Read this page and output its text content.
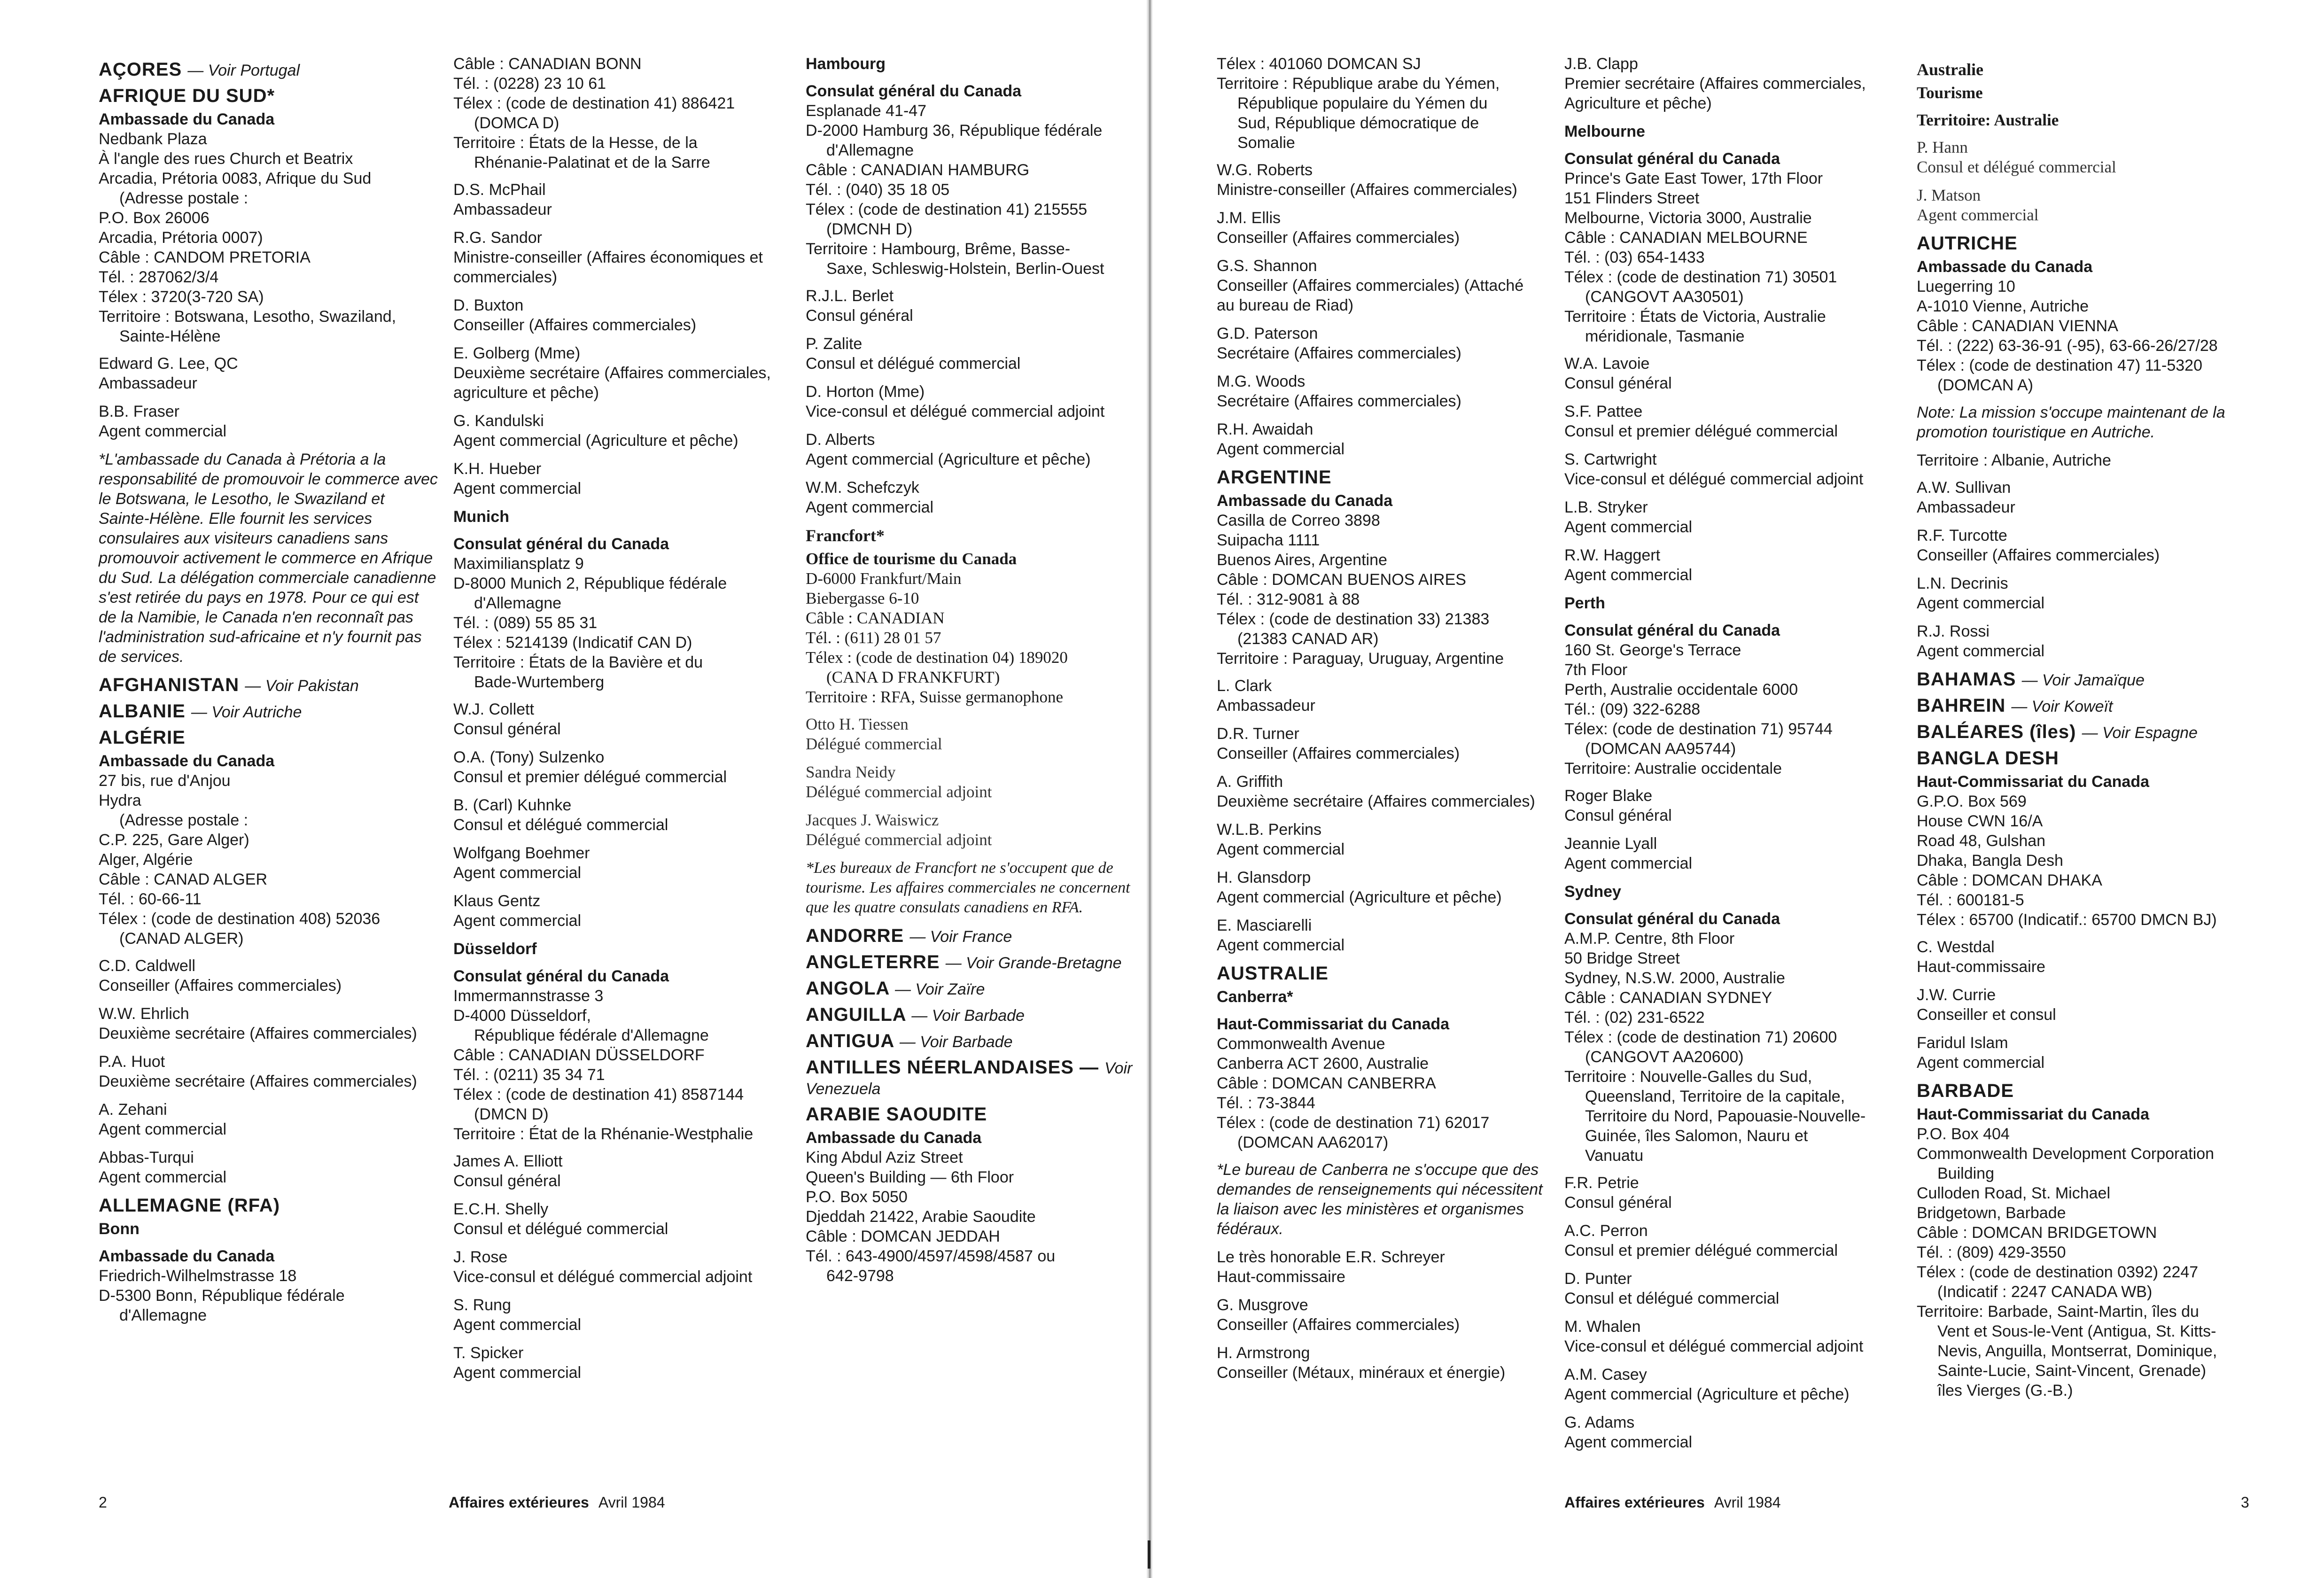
AÇORES — Voir Portugal
AFRIQUE DU SUD*
Ambassade du Canada
Nedbank Plaza
À l'angle des rues Church et Beatrix
Arcadia, Prétoria 0083, Afrique du Sud
(Adresse postale :
P.O. Box 26006
Arcadia, Prétoria 0007)
Câble : CANDOM PRETORIA
Tél. : 287062/3/4
Télex : 3720(3-720 SA)
Territoire : Botswana, Lesotho, Swaziland,
Sainte-Hélène
Edward G. Lee, QC
Ambassadeur
B.B. Fraser
Agent commercial
*L'ambassade du Canada à Prétoria a la responsabilité de promouvoir le commerce avec le Botswana, le Lesotho, le Swaziland et Sainte-Hélène. Elle fournit les services consulaires aux visiteurs canadiens sans promouvoir activement le commerce en Afrique du Sud. La délégation commerciale canadienne s'est retirée du pays en 1978. Pour ce qui est de la Namibie, le Canada n'en reconnaît pas l'administration sud-africaine et n'y fournit pas de services.
AFGHANISTAN — Voir Pakistan
ALBANIE — Voir Autriche
ALGÉRIE
Ambassade du Canada
27 bis, rue d'Anjou
Hydra
(Adresse postale :
C.P. 225, Gare Alger)
Alger, Algérie
Câble : CANAD ALGER
Tél. : 60-66-11
Télex : (code de destination 408) 52036
(CANAD ALGER)
C.D. Caldwell
Conseiller (Affaires commerciales)
W.W. Ehrlich
Deuxième secrétaire (Affaires commerciales)
P.A. Huot
Deuxième secrétaire (Affaires commerciales)
A. Zehani
Agent commercial
Abbas-Turqui
Agent commercial
ALLEMAGNE (RFA)
Bonn
Ambassade du Canada
Friedrich-Wilhelmstrasse 18
D-5300 Bonn, République fédérale
d'Allemagne
Câble : CANADIAN BONN
Tél. : (0228) 23 10 61
Télex : (code de destination 41) 886421
(DOMCA D)
Territoire : États de la Hesse, de la
Rhénanie-Palatinat et de la Sarre
D.S. McPhail
Ambassadeur
R.G. Sandor
Ministre-conseiller (Affaires économiques et commerciales)
D. Buxton
Conseiller (Affaires commerciales)
E. Golberg (Mme)
Deuxième secrétaire (Affaires commerciales, agriculture et pêche)
G. Kandulski
Agent commercial (Agriculture et pêche)
K.H. Hueber
Agent commercial
Munich
Consulat général du Canada
Maximiliansplatz 9
D-8000 Munich 2, République fédérale
d'Allemagne
Tél. : (089) 55 85 31
Télex : 5214139 (Indicatif CAN D)
Territoire : États de la Bavière et du
Bade-Wurtemberg
W.J. Collett
Consul général
O.A. (Tony) Sulzenko
Consul et premier délégué commercial
B. (Carl) Kuhnke
Consul et délégué commercial
Wolfgang Boehmer
Agent commercial
Klaus Gentz
Agent commercial
Düsseldorf
Consulat général du Canada
Immermannstrasse 3
D-4000 Düsseldorf,
République fédérale d'Allemagne
Câble : CANADIAN DÜSSELDORF
Tél. : (0211) 35 34 71
Télex : (code de destination 41) 8587144
(DMCN D)
Territoire : État de la Rhénanie-Westphalie
James A. Elliott
Consul général
E.C.H. Shelly
Consul et délégué commercial
J. Rose
Vice-consul et délégué commercial adjoint
S. Rung
Agent commercial
T. Spicker
Agent commercial
Hambourg
Consulat général du Canada
Esplanade 41-47
D-2000 Hamburg 36, République fédérale
d'Allemagne
Câble : CANADIAN HAMBURG
Tél. : (040) 35 18 05
Télex : (code de destination 41) 215555
(DMCNH D)
Territoire : Hambourg, Brême, Basse-
Saxe, Schleswig-Holstein, Berlin-Ouest
R.J.L. Berlet
Consul général
P. Zalite
Consul et délégué commercial
D. Horton (Mme)
Vice-consul et délégué commercial adjoint
D. Alberts
Agent commercial (Agriculture et pêche)
W.M. Schefczyk
Agent commercial
Francfort*
Office de tourisme du Canada
D-6000 Frankfurt/Main
Biebergasse 6-10
Câble : CANADIAN
Tél. : (611) 28 01 57
Télex : (code de destination 04) 189020
(CANA D FRANKFURT)
Territoire : RFA, Suisse germanophone
Otto H. Tiessen
Délégué commercial
Sandra Neidy
Délégué commercial adjoint
Jacques J. Waiswicz
Délégué commercial adjoint
*Les bureaux de Francfort ne s'occupent que de tourisme. Les affaires commerciales ne concernent que les quatre consulats canadiens en RFA.
ANDORRE — Voir France
ANGLETERRE — Voir Grande-Bretagne
ANGOLA — Voir Zaïre
ANGUILLA — Voir Barbade
ANTIGUA — Voir Barbade
ANTILLES NÉERLANDAISES — Voir Venezuela
ARABIE SAOUDITE
Ambassade du Canada
King Abdul Aziz Street
Queen's Building — 6th Floor
P.O. Box 5050
Djeddah 21422, Arabie Saoudite
Câble : DOMCAN JEDDAH
Tél. : 643-4900/4597/4598/4587 ou
642-9798
Télex : 401060 DOMCAN SJ
Territoire : République arabe du Yémen,
République populaire du Yémen du
Sud, République démocratique de
Somalie
W.G. Roberts
Ministre-conseiller (Affaires commerciales)
J.M. Ellis
Conseiller (Affaires commerciales)
G.S. Shannon
Conseiller (Affaires commerciales) (Attaché au bureau de Riad)
G.D. Paterson
Secrétaire (Affaires commerciales)
M.G. Woods
Secrétaire (Affaires commerciales)
R.H. Awaidah
Agent commercial
ARGENTINE
Ambassade du Canada
Casilla de Correo 3898
Suipacha 1111
Buenos Aires, Argentine
Câble : DOMCAN BUENOS AIRES
Tél. : 312-9081 à 88
Télex : (code de destination 33) 21383
(21383 CANAD AR)
Territoire : Paraguay, Uruguay, Argentine
L. Clark
Ambassadeur
D.R. Turner
Conseiller (Affaires commerciales)
A. Griffith
Deuxième secrétaire (Affaires commerciales)
W.L.B. Perkins
Agent commercial
H. Glansdorp
Agent commercial (Agriculture et pêche)
E. Masciarelli
Agent commercial
AUSTRALIE
Canberra*
Haut-Commissariat du Canada
Commonwealth Avenue
Canberra ACT 2600, Australie
Câble : DOMCAN CANBERRA
Tél. : 73-3844
Télex : (code de destination 71) 62017
(DOMCAN AA62017)
*Le bureau de Canberra ne s'occupe que des demandes de renseignements qui nécessitent la liaison avec les ministères et organismes fédéraux.
Le très honorable E.R. Schreyer
Haut-commissaire
G. Musgrove
Conseiller (Affaires commerciales)
H. Armstrong
Conseiller (Métaux, minéraux et énergie)
J.B. Clapp
Premier secrétaire (Affaires commerciales, Agriculture et pêche)
Melbourne
Consulat général du Canada
Prince's Gate East Tower, 17th Floor
151 Flinders Street
Melbourne, Victoria 3000, Australie
Câble : CANADIAN MELBOURNE
Tél. : (03) 654-1433
Télex : (code de destination 71) 30501
(CANGOVT AA30501)
Territoire : États de Victoria, Australie
méridionale, Tasmanie
W.A. Lavoie
Consul général
S.F. Pattee
Consul et premier délégué commercial
S. Cartwright
Vice-consul et délégué commercial adjoint
L.B. Stryker
Agent commercial
R.W. Haggert
Agent commercial
Perth
Consulat général du Canada
160 St. George's Terrace
7th Floor
Perth, Australie occidentale 6000
Tél.: (09) 322-6288
Télex: (code de destination 71) 95744
(DOMCAN AA95744)
Territoire: Australie occidentale
Roger Blake
Consul général
Jeannie Lyall
Agent commercial
Sydney
Consulat général du Canada
A.M.P. Centre, 8th Floor
50 Bridge Street
Sydney, N.S.W. 2000, Australie
Câble : CANADIAN SYDNEY
Tél. : (02) 231-6522
Télex : (code de destination 71) 20600
(CANGOVT AA20600)
Territoire : Nouvelle-Galles du Sud,
Queensland, Territoire de la capitale,
Territoire du Nord, Papouasie-Nouvelle-
Guinée, îles Salomon, Nauru et
Vanuatu
F.R. Petrie
Consul général
A.C. Perron
Consul et premier délégué commercial
D. Punter
Consul et délégué commercial
M. Whalen
Vice-consul et délégué commercial adjoint
A.M. Casey
Agent commercial (Agriculture et pêche)
G. Adams
Agent commercial
Australie
Tourisme
Territoire: Australie
P. Hann
Consul et délégué commercial
J. Matson
Agent commercial
AUTRICHE
Ambassade du Canada
Luegerring 10
A-1010 Vienne, Autriche
Câble : CANADIAN VIENNA
Tél. : (222) 63-36-91 (-95), 63-66-26/27/28
Télex : (code de destination 47) 11-5320
(DOMCAN A)
Note: La mission s'occupe maintenant de la promotion touristique en Autriche.
Territoire : Albanie, Autriche
A.W. Sullivan
Ambassadeur
R.F. Turcotte
Conseiller (Affaires commerciales)
L.N. Decrinis
Agent commercial
R.J. Rossi
Agent commercial
BAHAMAS — Voir Jamaïque
BAHREIN — Voir Koweït
BALÉARES (îles) — Voir Espagne
BANGLA DESH
Haut-Commissariat du Canada
G.P.O. Box 569
House CWN 16/A
Road 48, Gulshan
Dhaka, Bangla Desh
Câble : DOMCAN DHAKA
Tél. : 600181-5
Télex : 65700 (Indicatif.: 65700 DMCN BJ)
C. Westdal
Haut-commissaire
J.W. Currie
Conseiller et consul
Faridul Islam
Agent commercial
BARBADE
Haut-Commissariat du Canada
P.O. Box 404
Commonwealth Development Corporation
Building
Culloden Road, St. Michael
Bridgetown, Barbade
Câble : DOMCAN BRIDGETOWN
Tél. : (809) 429-3550
Télex : (code de destination 0392) 2247
(Indicatif : 2247 CANADA WB)
Territoire: Barbade, Saint-Martin, îles du
Vent et Sous-le-Vent (Antigua, St. Kitts-
Nevis, Anguilla, Montserrat, Dominique,
Sainte-Lucie, Saint-Vincent, Grenade)
îles Vierges (G.-B.)
2	Affaires extérieures Avril 1984	Affaires extérieures Avril 1984	3
